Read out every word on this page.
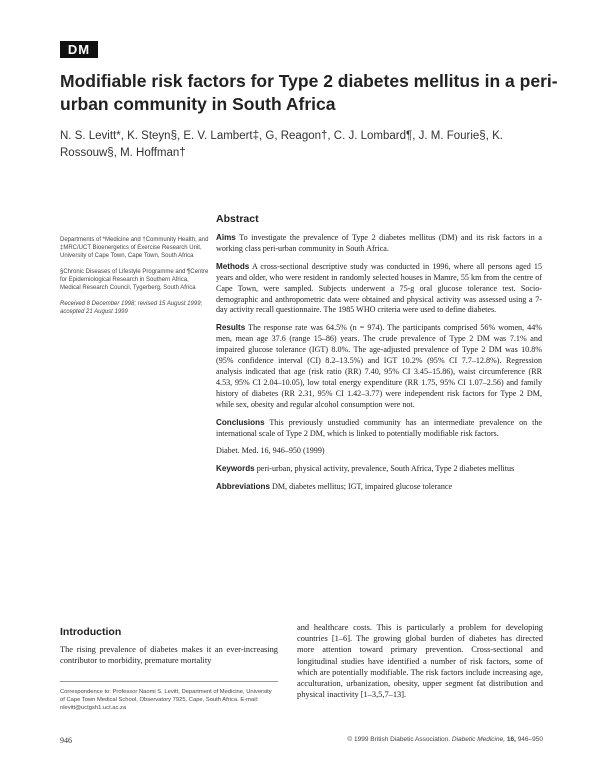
DM
Modifiable risk factors for Type 2 diabetes mellitus in a peri-urban community in South Africa
N. S. Levitt*, K. Steyn§, E. V. Lambert‡, G, Reagon†, C. J. Lombard¶, J. M. Fourie§, K. Rossouw§, M. Hoffman†

Departments of *Medicine and †Community Health, and ‡MRC/UCT Bioenergetics of Exercise Research Unit, University of Cape Town, Cape Town, South Africa

§Chronic Diseases of Lifestyle Programme and ¶Centre for Epidemiological Research in Southern Africa, Medical Research Council, Tygerberg, South Africa

Received 8 December 1998; revised 15 August 1999; accepted 21 August 1999

Abstract

Aims To investigate the prevalence of Type 2 diabetes mellitus (DM) and its risk factors in a working class peri-urban community in South Africa.

Methods A cross-sectional descriptive study was conducted in 1996, where all persons aged 15 years and older, who were resident in randomly selected houses in Mamre, 55 km from the centre of Cape Town, were sampled. Subjects underwent a 75-g oral glucose tolerance test. Socio-demographic and anthropometric data were obtained and physical activity was assessed using a 7-day activity recall questionnaire. The 1985 WHO criteria were used to define diabetes.

Results The response rate was 64.5% (n = 974). The participants comprised 56% women, 44% men, mean age 37.6 (range 15–86) years. The crude prevalence of Type 2 DM was 7.1% and impaired glucose tolerance (IGT) 8.0%. The age-adjusted prevalence of Type 2 DM was 10.8% (95% confidence interval (CI) 8.2–13.5%) and IGT 10.2% (95% CI 7.7–12.8%). Regression analysis indicated that age (risk ratio (RR) 7.40, 95% CI 3.45–15.86), waist circumference (RR 4.53, 95% CI 2.04–10.05), low total energy expenditure (RR 1.75, 95% CI 1.07–2.56) and family history of diabetes (RR 2.31, 95% CI 1.42–3.77) were independent risk factors for Type 2 DM, while sex, obesity and regular alcohol consumption were not.

Conclusions This previously unstudied community has an intermediate prevalence on the international scale of Type 2 DM, which is linked to potentially modifiable risk factors.

Diabet. Med. 16, 946–950 (1999)

Keywords peri-urban, physical activity, prevalence, South Africa, Type 2 diabetes mellitus

Abbreviations DM, diabetes mellitus; IGT, impaired glucose tolerance

Introduction

The rising prevalence of diabetes makes it an ever-increasing contributor to morbidity, premature mortality

and healthcare costs. This is particularly a problem for developing countries [1–6]. The growing global burden of diabetes has directed more attention toward primary prevention. Cross-sectional and longitudinal studies have identified a number of risk factors, some of which are potentially modifiable. The risk factors include increasing age, acculturation, urbanization, obesity, upper segment fat distribution and physical inactivity [1–3,5,7–13].

Correspondence to: Professor Naomi S. Levitt, Department of Medicine, University of Cape Town Medical School, Observatory 7925, Cape, South Africa. E-mail: nlevitt@uctgsh1.uct.ac.za

946	© 1999 British Diabetic Association. Diabetic Medicine, 16, 946–950
